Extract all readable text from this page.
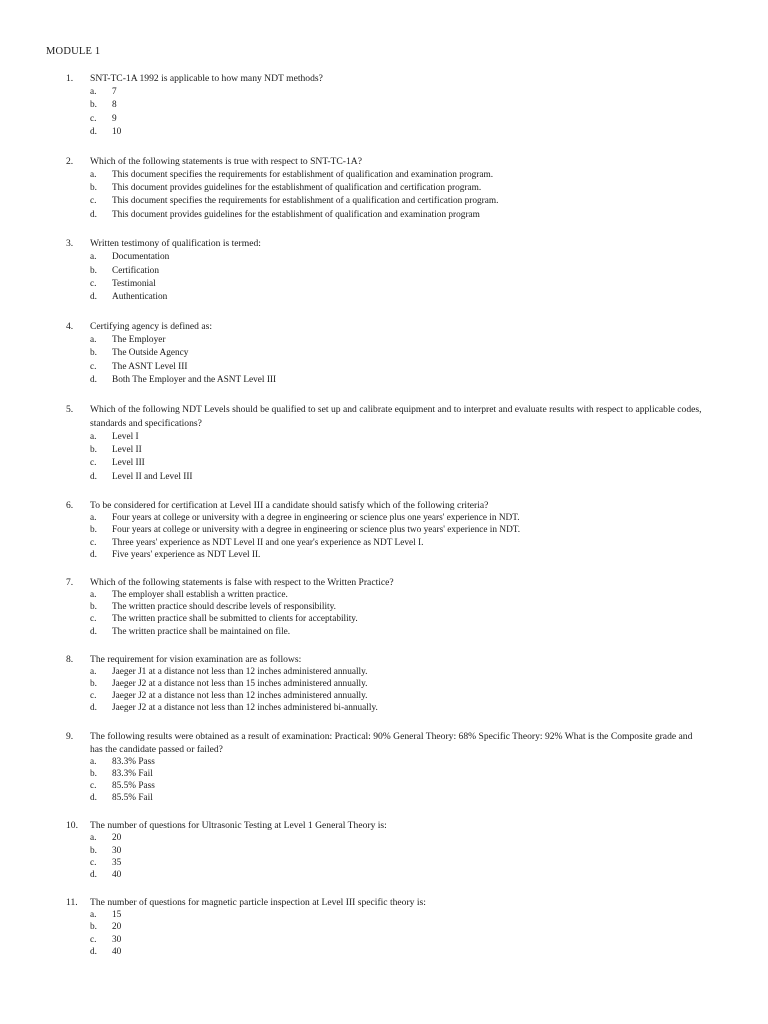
MODULE 1
1.	SNT-TC-1A 1992 is applicable to how many NDT methods?
a.	7
b.	8
c.	9
d.	10
2.	Which of the following statements is true with respect to SNT-TC-1A?
a.	This document specifies the requirements for establishment of qualification and examination program.
b.	This document provides guidelines for the establishment of qualification and certification program.
c.	This document specifies the requirements for establishment of a qualification and certification program.
d.	This document provides guidelines for the establishment of qualification and examination program
3.	Written testimony of qualification is termed:
a.	Documentation
b.	Certification
c.	Testimonial
d.	Authentication
4.	Certifying agency is defined as:
a.	The Employer
b.	The Outside Agency
c.	The ASNT Level III
d.	Both The Employer and the ASNT Level III
5.	Which of the following NDT Levels should be qualified to set up and calibrate equipment and to interpret and evaluate results with respect to applicable codes, standards and specifications?
a.	Level I
b.	Level II
c.	Level III
d.	Level II and Level III
6.	To be considered for certification at Level III a candidate should satisfy which of the following criteria?
a.	Four years at college or university with a degree in engineering or science plus one years' experience in NDT.
b.	Four years at college or university with a degree in engineering or science plus two years' experience in NDT.
c.	Three years' experience as NDT Level II and one year's experience as NDT Level I.
d.	Five years' experience as NDT Level II.
7.	Which of the following statements is false with respect to the Written Practice?
a.	The employer shall establish a written practice.
b.	The written practice should describe levels of responsibility.
c.	The written practice shall be submitted to clients for acceptability.
d.	The written practice shall be maintained on file.
8.	The requirement for vision examination are as follows:
a.	Jaeger J1 at a distance not less than 12 inches administered annually.
b.	Jaeger J2 at a distance not less than 15 inches administered annually.
c.	Jaeger J2 at a distance not less than 12 inches administered annually.
d.	Jaeger J2 at a distance not less than 12 inches administered bi-annually.
9.	The following results were obtained as a result of examination: Practical: 90% General Theory: 68% Specific Theory: 92% What is the Composite grade and has the candidate passed or failed?
a.	83.3% Pass
b.	83.3% Fail
c.	85.5% Pass
d.	85.5% Fail
10.	The number of questions for Ultrasonic Testing at Level 1 General Theory is:
a.	20
b.	30
c.	35
d.	40
11.	The number of questions for magnetic particle inspection at Level III specific theory is:
a.	15
b.	20
c.	30
d.	40
